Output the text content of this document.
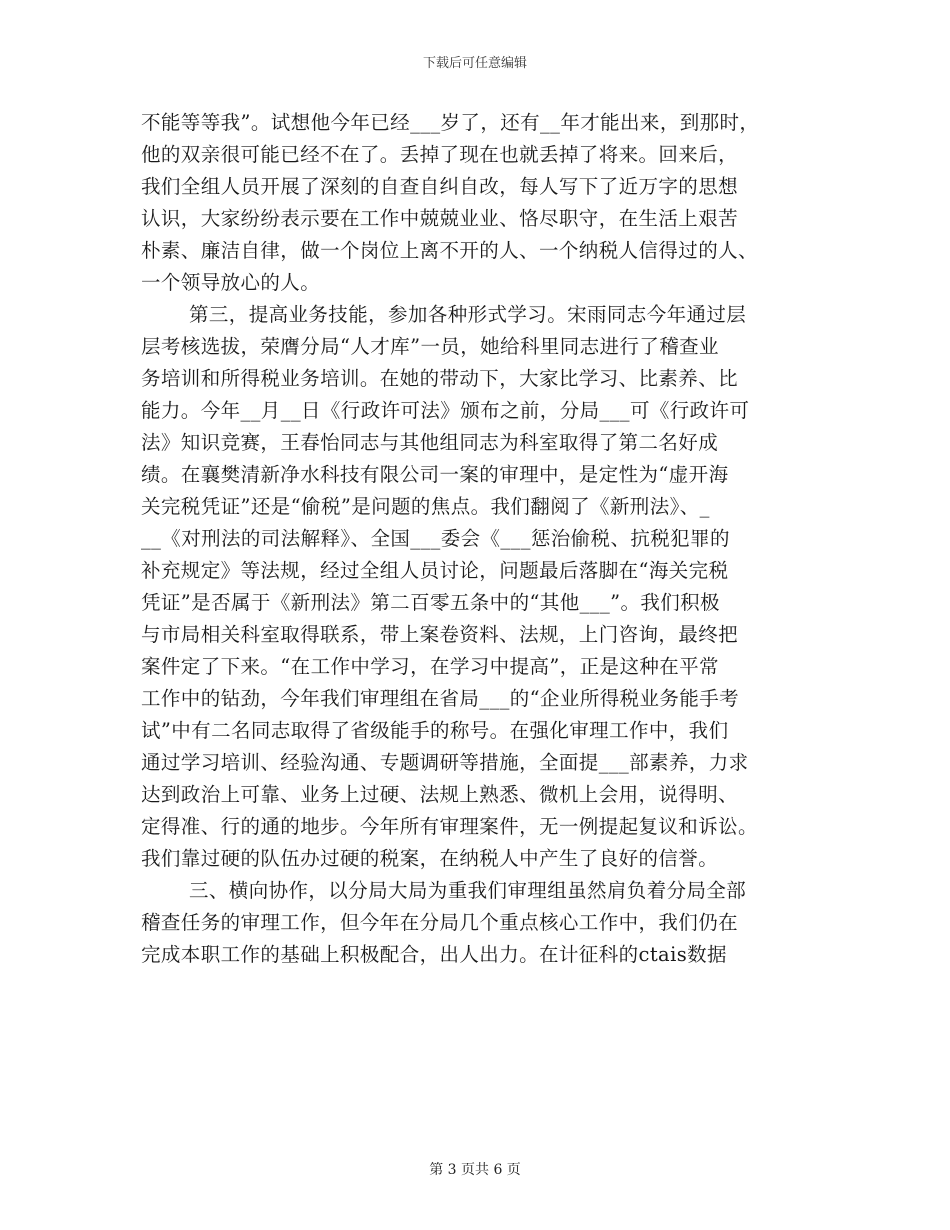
下载后可任意编辑
不能等等我”。试想他今年已经___岁了，还有__年才能出来，到那时，
他的双亲很可能已经不在了。丢掉了现在也就丢掉了将来。回来后，
我们全组人员开展了深刻的自查自纠自改，每人写下了近万字的思想
认识，大家纷纷表示要在工作中兢兢业业、恪尽职守，在生活上艰苦
朴素、廉洁自律，做一个岗位上离不开的人、一个纳税人信得过的人、
一个领导放心的人。
第三，提高业务技能，参加各种形式学习。宋雨同志今年通过层
层考核选拔，荣膺分局“人才库”一员，她给科里同志进行了稽查业
务培训和所得税业务培训。在她的带动下，大家比学习、比素养、比
能力。今年__月__日《行政许可法》颁布之前，分局___可《行政许可
法》知识竞赛，王春怡同志与其他组同志为科室取得了第二名好成
绩。在襄樊清新净水科技有限公司一案的审理中，是定性为“虚开海
关完税凭证”还是“偷税”是问题的焦点。我们翻阅了《新刑法》、_
__《对刑法的司法解释》、全国___委会《___惩治偷税、抗税犯罪的
补充规定》等法规，经过全组人员讨论，问题最后落脚在“海关完税
凭证”是否属于《新刑法》第二百零五条中的“其他___”。我们积极
与市局相关科室取得联系，带上案卷资料、法规，上门咨询，最终把
案件定了下来。“在工作中学习，在学习中提高”，正是这种在平常
工作中的钻劲，今年我们审理组在省局___的“企业所得税业务能手考
试”中有二名同志取得了省级能手的称号。在强化审理工作中，我们
通过学习培训、经验沟通、专题调研等措施，全面提___部素养，力求
达到政治上可靠、业务上过硬、法规上熟悉、微机上会用，说得明、
定得准、行的通的地步。今年所有审理案件，无一例提起复议和诉讼。
我们靠过硬的队伍办过硬的税案，在纳税人中产生了良好的信誉。
三、横向协作，以分局大局为重我们审理组虽然肩负着分局全部
稽查任务的审理工作，但今年在分局几个重点核心工作中，我们仍在
完成本职工作的基础上积极配合，出人出力。在计征科的ctais数据
第 3 页共 6 页
